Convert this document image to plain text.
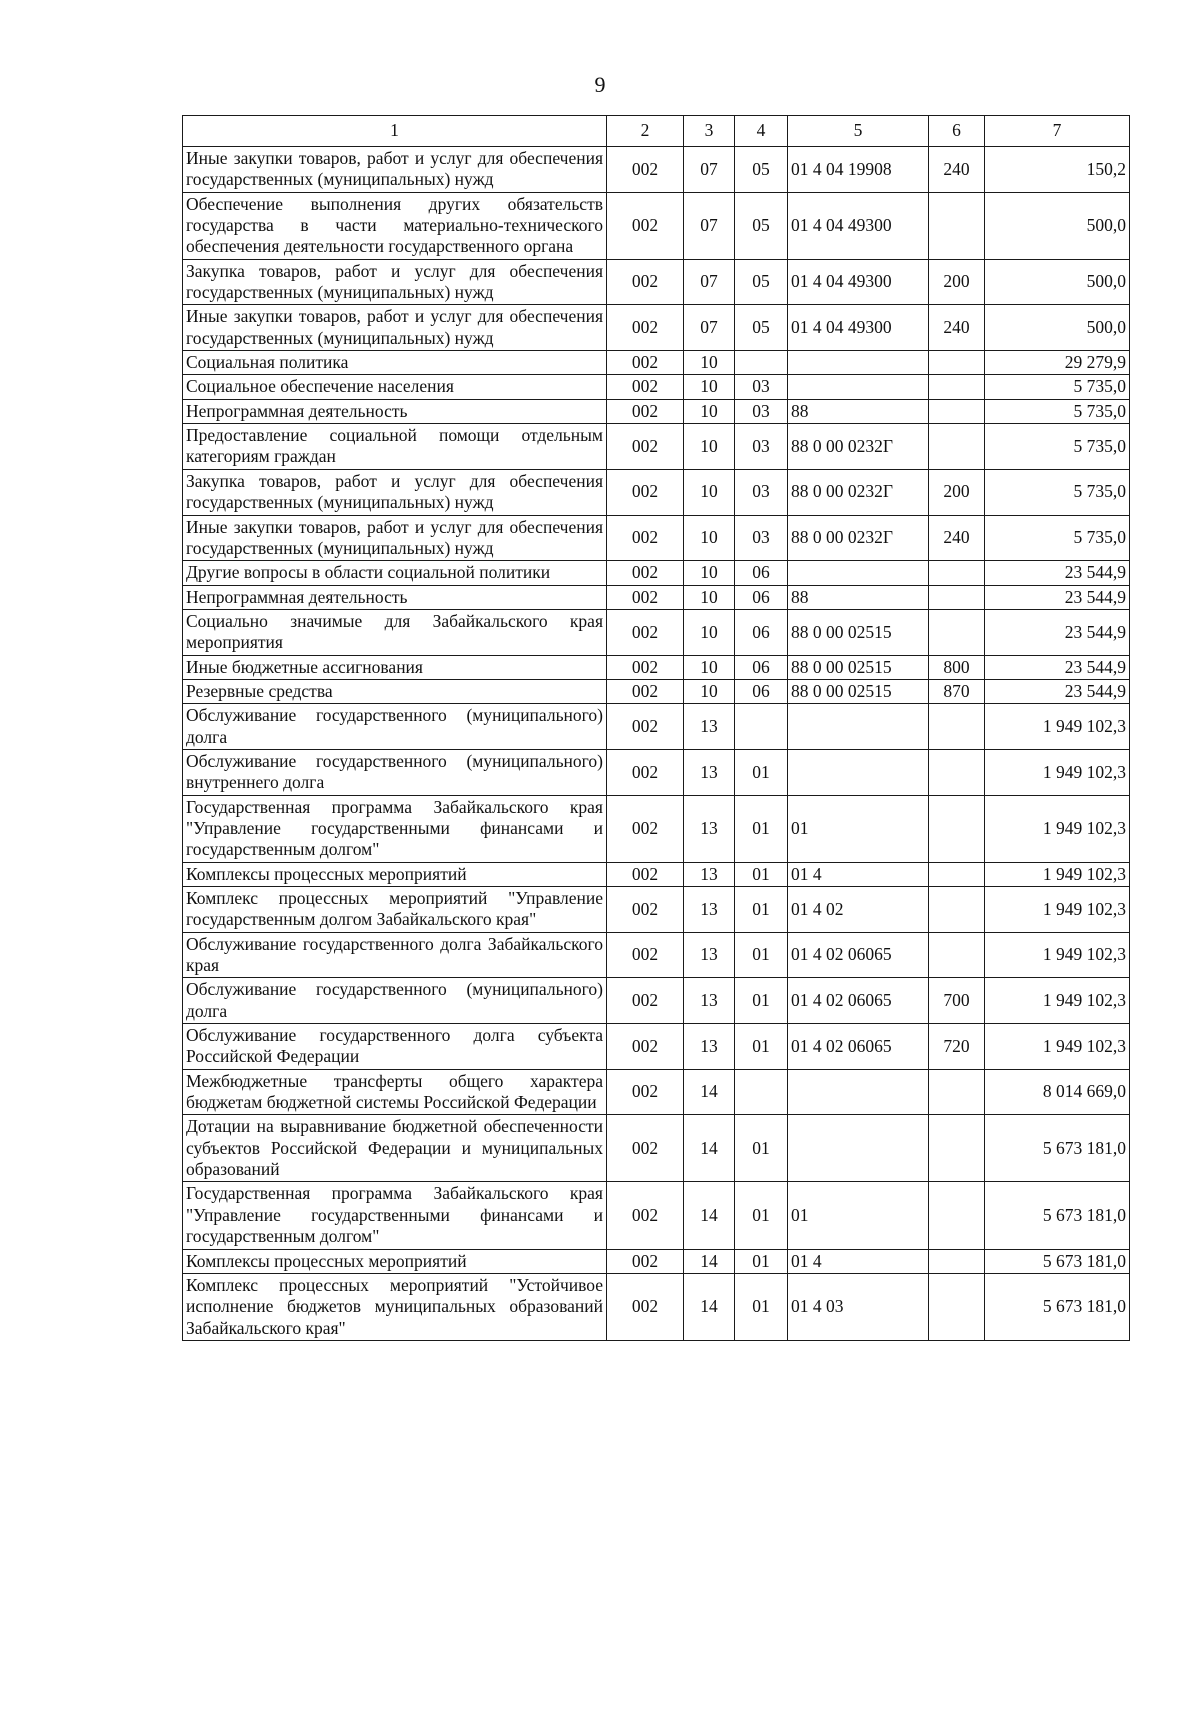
9
1	2	3	4	5	6	7
Иные закупки товаров, работ и услуг для обеспечения государственных (муниципальных) нужд	002	07	05	01 4 04 19908	240	150,2
Обеспечение выполнения других обязательств государства в части материально-технического обеспечения деятельности государственного органа	002	07	05	01 4 04 49300		500,0
Закупка товаров, работ и услуг для обеспечения государственных (муниципальных) нужд	002	07	05	01 4 04 49300	200	500,0
Иные закупки товаров, работ и услуг для обеспечения государственных (муниципальных) нужд	002	07	05	01 4 04 49300	240	500,0
Социальная политика	002	10				29 279,9
Социальное обеспечение населения	002	10	03			5 735,0
Непрограммная деятельность	002	10	03	88		5 735,0
Предоставление социальной помощи отдельным категориям граждан	002	10	03	88 0 00 0232Г		5 735,0
Закупка товаров, работ и услуг для обеспечения государственных (муниципальных) нужд	002	10	03	88 0 00 0232Г	200	5 735,0
Иные закупки товаров, работ и услуг для обеспечения государственных (муниципальных) нужд	002	10	03	88 0 00 0232Г	240	5 735,0
Другие вопросы в области социальной политики	002	10	06			23 544,9
Непрограммная деятельность	002	10	06	88		23 544,9
Социально значимые для Забайкальского края мероприятия	002	10	06	88 0 00 02515		23 544,9
Иные бюджетные ассигнования	002	10	06	88 0 00 02515	800	23 544,9
Резервные средства	002	10	06	88 0 00 02515	870	23 544,9
Обслуживание государственного (муниципального) долга	002	13				1 949 102,3
Обслуживание государственного (муниципального) внутреннего долга	002	13	01			1 949 102,3
Государственная программа Забайкальского края "Управление государственными финансами и государственным долгом"	002	13	01	01		1 949 102,3
Комплексы процессных мероприятий	002	13	01	01 4		1 949 102,3
Комплекс процессных мероприятий "Управление государственным долгом Забайкальского края"	002	13	01	01 4 02		1 949 102,3
Обслуживание государственного долга Забайкальского края	002	13	01	01 4 02 06065		1 949 102,3
Обслуживание государственного (муниципального) долга	002	13	01	01 4 02 06065	700	1 949 102,3
Обслуживание государственного долга субъекта Российской Федерации	002	13	01	01 4 02 06065	720	1 949 102,3
Межбюджетные трансферты общего характера бюджетам бюджетной системы Российской Федерации	002	14				8 014 669,0
Дотации на выравнивание бюджетной обеспеченности субъектов Российской Федерации и муниципальных образований	002	14	01			5 673 181,0
Государственная программа Забайкальского края "Управление государственными финансами и государственным долгом"	002	14	01	01		5 673 181,0
Комплексы процессных мероприятий	002	14	01	01 4		5 673 181,0
Комплекс процессных мероприятий "Устойчивое исполнение бюджетов муниципальных образований Забайкальского края"	002	14	01	01 4 03		5 673 181,0
